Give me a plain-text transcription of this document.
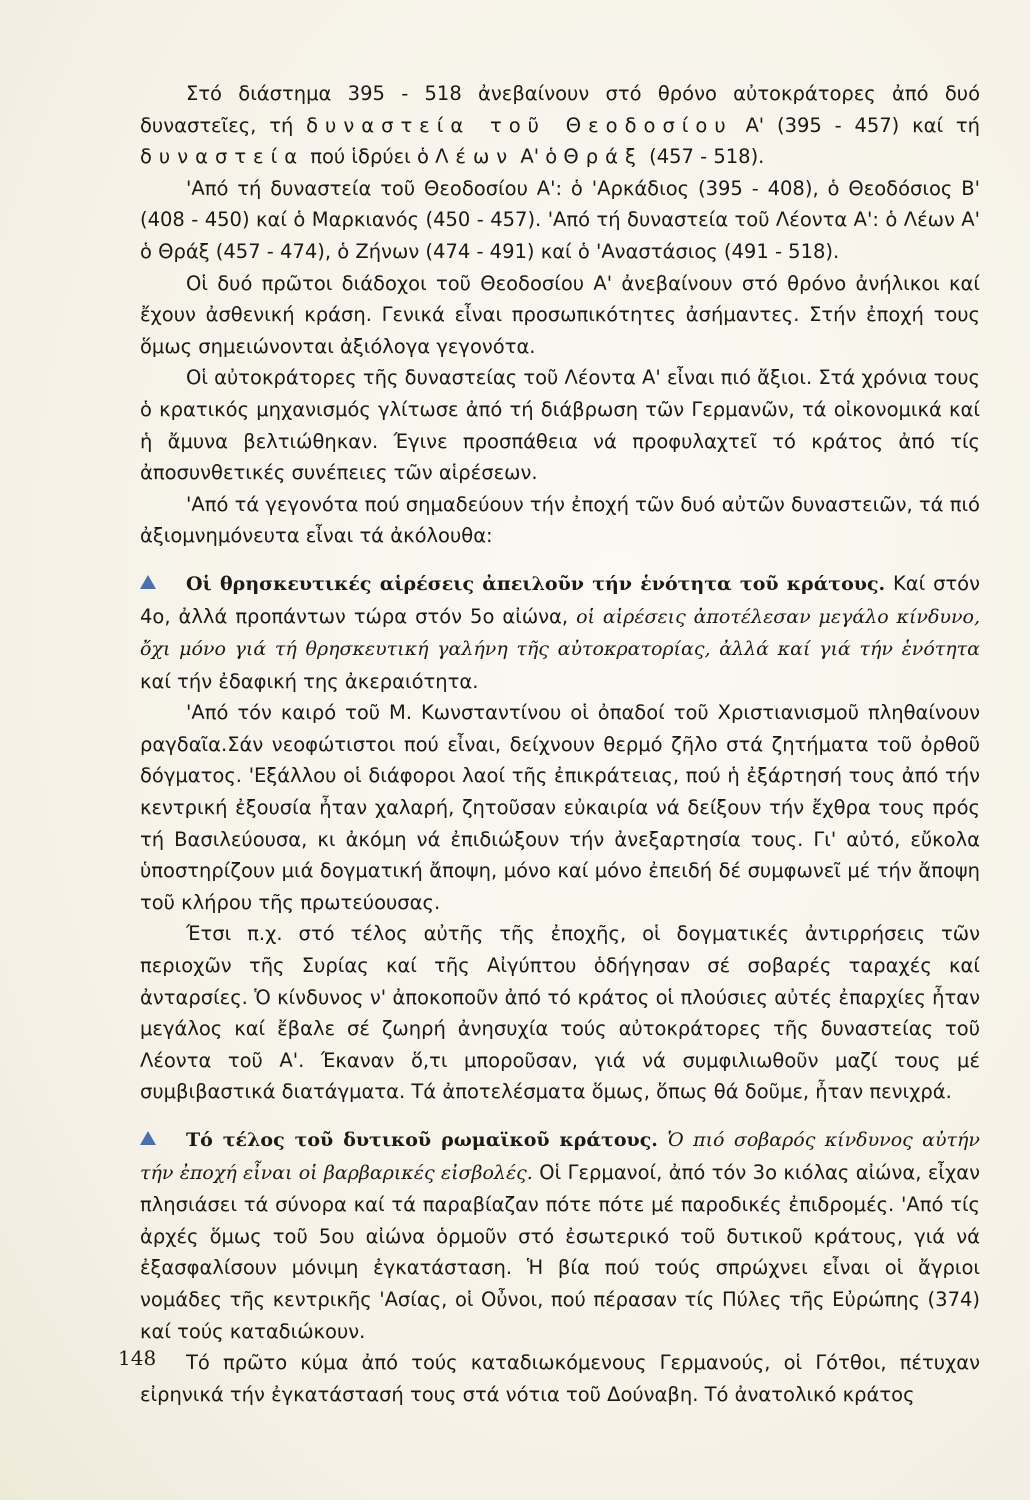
Στό διάστημα 395 - 518 ἀνεβαίνουν στό θρόνο αὐτοκράτορες ἀπό δυό δυναστεῖες, τή δυναστεία τοῦ Θεοδοσίου Α' (395 - 457) καί τή δυναστεία πού ἱδρύει ὁ Λέων Α' ὁ Θράξ (457 - 518).

'Από τή δυναστεία τοῦ Θεοδοσίου Α': ὁ 'Αρκάδιος (395 - 408), ὁ Θεοδόσιος Β' (408 - 450) καί ὁ Μαρκιανός (450 - 457). 'Από τή δυναστεία τοῦ Λέοντα Α': ὁ Λέων Α' ὁ Θράξ (457 - 474), ὁ Ζήνων (474 - 491) καί ὁ 'Αναστάσιος (491 - 518).

Οἱ δυό πρῶτοι διάδοχοι τοῦ Θεοδοσίου Α' ἀνεβαίνουν στό θρόνο ἀνήλικοι καί ἔχουν ἀσθενική κράση. Γενικά εἶναι προσωπικότητες ἀσήμαντες. Στήν ἐποχή τους ὅμως σημειώνονται ἀξιόλογα γεγονότα.

Οἱ αὐτοκράτορες τῆς δυναστείας τοῦ Λέοντα Α' εἶναι πιό ἄξιοι. Στά χρόνια τους ὁ κρατικός μηχανισμός γλίτωσε ἀπό τή διάβρωση τῶν Γερμανῶν, τά οἰκονομικά καί ἡ ἄμυνα βελτιώθηκαν. Έγινε προσπάθεια νά προφυλαχτεῖ τό κράτος ἀπό τίς ἀποσυνθετικές συνέπειες τῶν αἱρέσεων.

'Από τά γεγονότα πού σημαδεύουν τήν ἐποχή τῶν δυό αὐτῶν δυναστειῶν, τά πιό ἀξιομνημόνευτα εἶναι τά ἀκόλουθα:

Οἱ θρησκευτικές αἱρέσεις ἀπειλοῦν τήν ἑνότητα τοῦ κράτους. Καί στόν 4ο, ἀλλά προπάντων τώρα στόν 5ο αἰώνα, οἱ αἱρέσεις ἀποτέλεσαν μεγάλο κίνδυνο, ὄχι μόνο γιά τή θρησκευτική γαλήνη τῆς αὐτοκρατορίας, ἀλλά καί γιά τήν ἑνότητα καί τήν ἐδαφική της ἀκεραιότητα.

'Από τόν καιρό τοῦ Μ. Κωνσταντίνου οἱ ὀπαδοί τοῦ Χριστιανισμοῦ πληθαίνουν ραγδαῖα.Σάν νεοφώτιστοι πού εἶναι, δείχνουν θερμό ζῆλο στά ζητήματα τοῦ ὀρθοῦ δόγματος. 'Εξάλλου οἱ διάφοροι λαοί τῆς ἐπικράτειας, πού ἡ ἐξάρτησή τους ἀπό τήν κεντρική ἐξουσία ἦταν χαλαρή, ζητοῦσαν εὐκαιρία νά δείξουν τήν ἔχθρα τους πρός τή Βασιλεύουσα, κι ἀκόμη νά ἐπιδιώξουν τήν ἀνεξαρτησία τους. Γι' αὐτό, εὔκολα ὑποστηρίζουν μιά δογματική ἄποψη, μόνο καί μόνο ἐπειδή δέ συμφωνεῖ μέ τήν ἄποψη τοῦ κλήρου τῆς πρωτεύουσας.

Έτσι π.χ. στό τέλος αὐτῆς τῆς ἐποχῆς, οἱ δογματικές ἀντιρρήσεις τῶν περιοχῶν τῆς Συρίας καί τῆς Αἰγύπτου ὁδήγησαν σέ σοβαρές ταραχές καί ἀνταρσίες. Ὁ κίνδυνος ν' ἀποκοποῦν ἀπό τό κράτος οἱ πλούσιες αὐτές ἐπαρχίες ἦταν μεγάλος καί ἔβαλε σέ ζωηρή ἀνησυχία τούς αὐτοκράτορες τῆς δυναστείας τοῦ Λέοντα τοῦ Α'. Έκαναν ὅ,τι μποροῦσαν, γιά νά συμφιλιωθοῦν μαζί τους μέ συμβιβαστικά διατάγματα. Τά ἀποτελέσματα ὅμως, ὅπως θά δοῦμε, ἦταν πενιχρά.

Τό τέλος τοῦ δυτικοῦ ρωμαϊκοῦ κράτους. Ὁ πιό σοβαρός κίνδυνος αὐτήν τήν ἐποχή εἶναι οἱ βαρβαρικές εἰσβολές. Οἱ Γερμανοί, ἀπό τόν 3ο κιόλας αἰώνα, εἶχαν πλησιάσει τά σύνορα καί τά παραβίαζαν πότε πότε μέ παροδικές ἐπιδρομές. 'Από τίς ἀρχές ὅμως τοῦ 5ου αἰώνα ὁρμοῦν στό ἐσωτερικό τοῦ δυτικοῦ κράτους, γιά νά ἐξασφαλίσουν μόνιμη ἐγκατάσταση. Ἡ βία πού τούς σπρώχνει εἶναι οἱ ἄγριοι νομάδες τῆς κεντρικῆς 'Ασίας, οἱ Οὖνοι, πού πέρασαν τίς Πύλες τῆς Εὐρώπης (374) καί τούς καταδιώκουν.

Τό πρῶτο κύμα ἀπό τούς καταδιωκόμενους Γερμανούς, οἱ Γότθοι, πέτυχαν εἰρηνικά τήν ἐγκατάστασή τους στά νότια τοῦ Δούναβη. Τό ἀνατολικό κράτος

148
